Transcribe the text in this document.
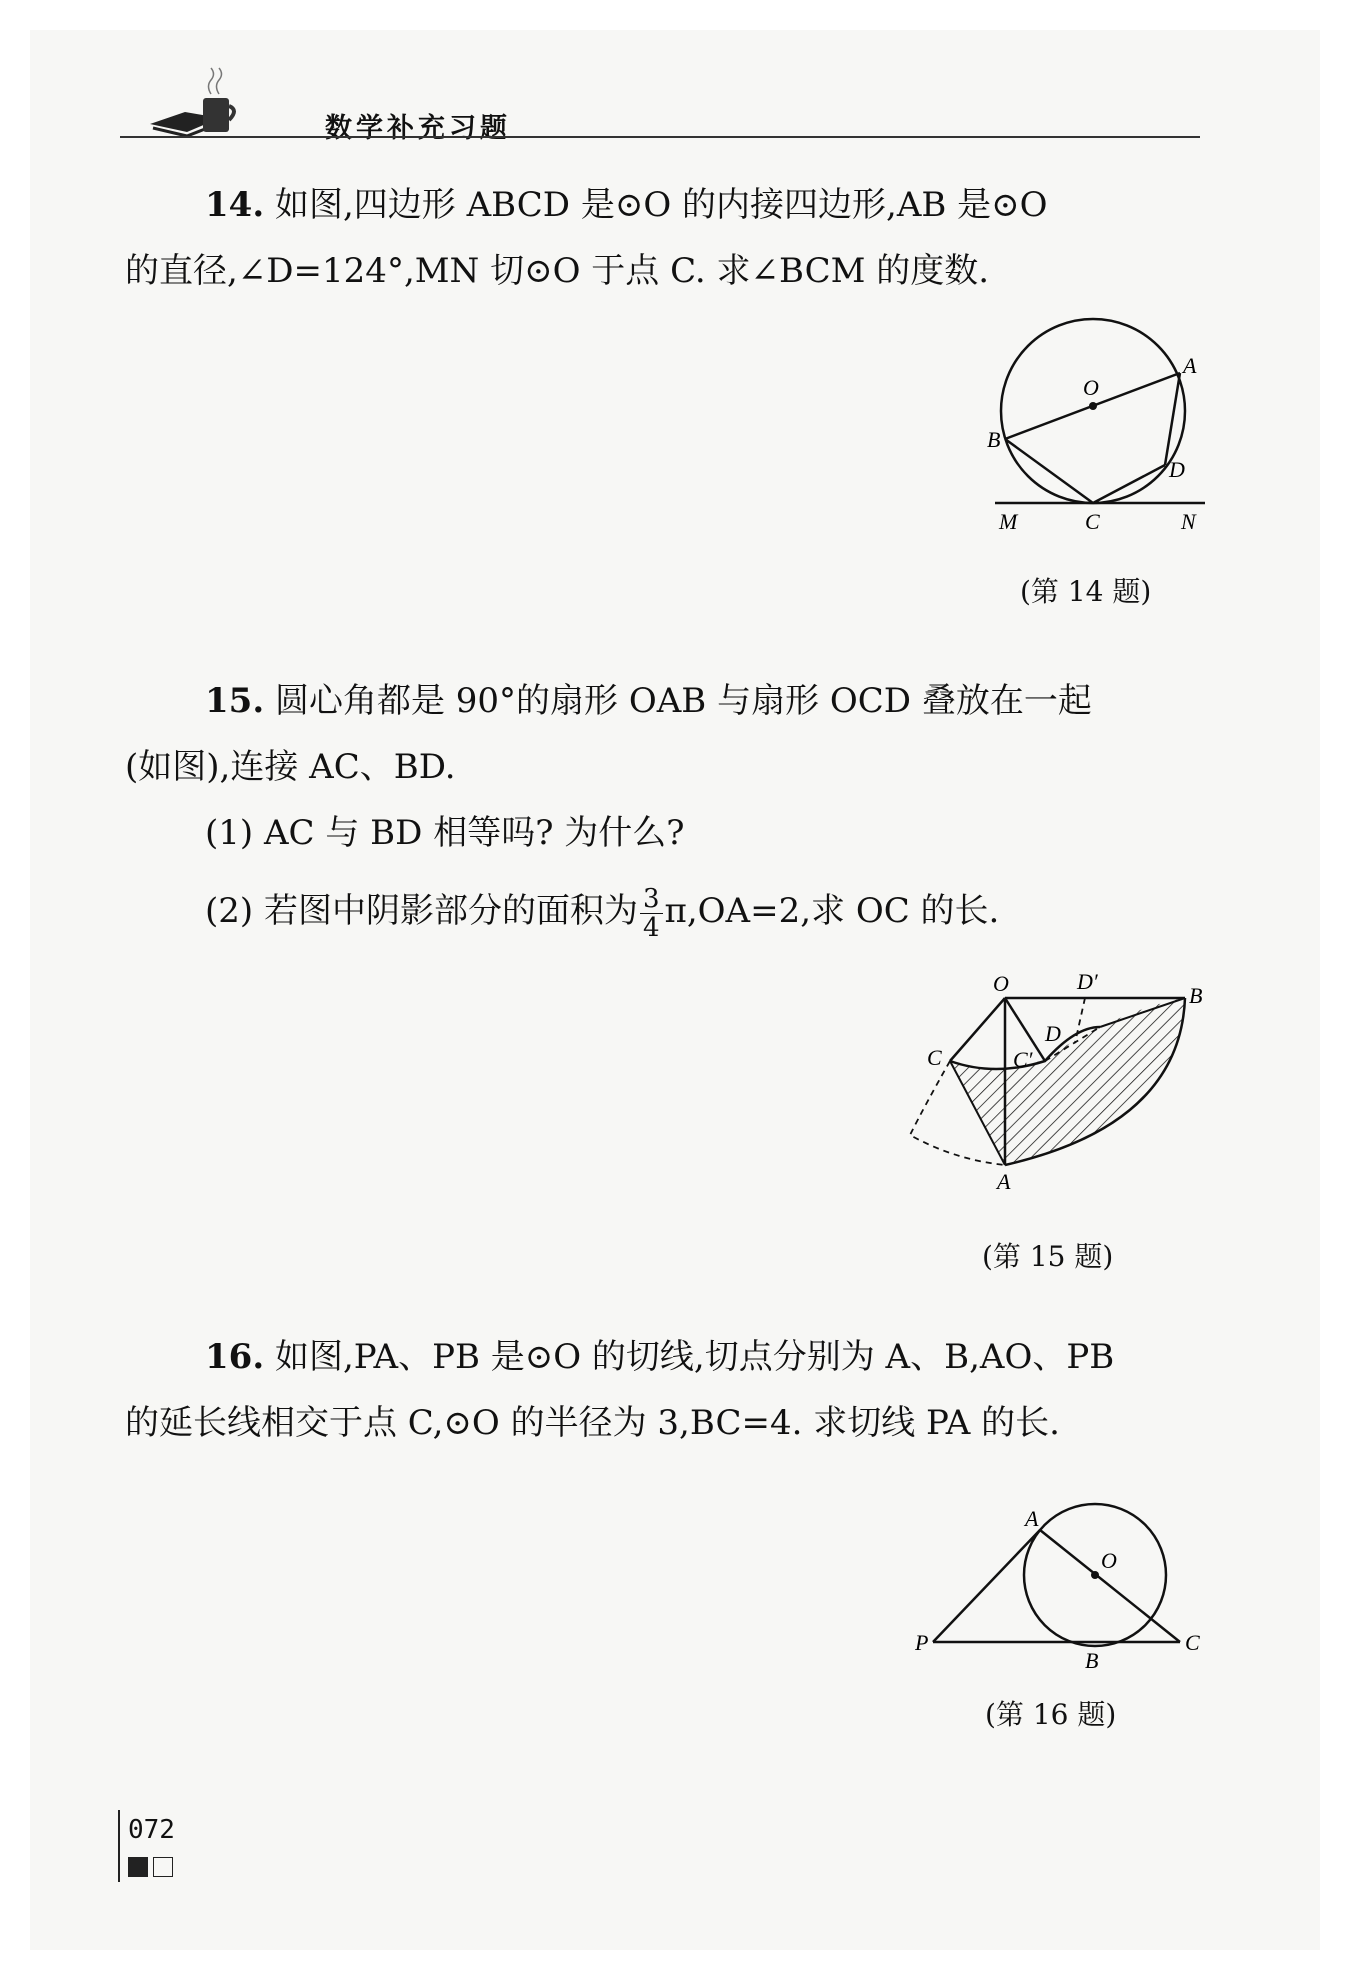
数学补充习题
14. 如图,四边形 ABCD 是⊙O 的内接四边形,AB 是⊙O
的直径,∠D=124°,MN 切⊙O 于点 C. 求∠BCM 的度数.
O
A
B
D
M	C	N
(第 14 题)
15. 圆心角都是 90°的扇形 OAB 与扇形 OCD 叠放在一起
(如图),连接 AC、BD.
(1) AC 与 BD 相等吗? 为什么?
(2) 若图中阴影部分的面积为 $\frac{3}{4} \pi,OA=2$,求 OC 的长.
O	D′
B
C	C′
D
A
(第 15 题)
16. 如图,PA、PB 是⊙O 的切线,切点分别为 A、B,AO、PB
的延长线相交于点 C,⊙O 的半径为 3,BC=4. 求切线 PA 的长.
A
O
P
B
C
(第 16 题)
072
